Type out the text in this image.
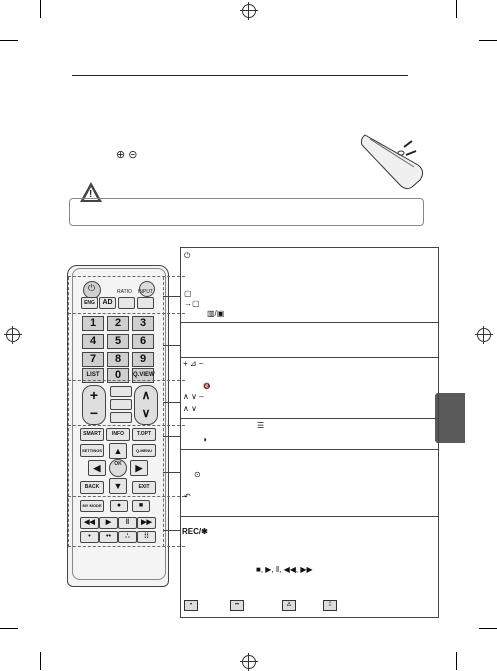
⊕ ⊝
!
⏻
ENG	AD
RATIO INPUT
1	2	3
4	5	6
7	8	9
LIST	0	Q.VIEW
+
−
∧
∨
SMART	INFO	T.OPT
SETTINGS	Q.MENU
▲
◀	OK	▶
▼
BACK	EXIT
MY MODE	●	■
◀◀	▶	‖	▶▶
•	••	∴	⁞⁞
⏻
▢
→▢
▥/▣
+ ⊿ −
🔇
∧ ∨ –
∧ ∨
☰
◑
⊙
↶
REC/✱
■, ▶, ‖, ◀◀, ▶▶
•	••	∆	⁞⁞
